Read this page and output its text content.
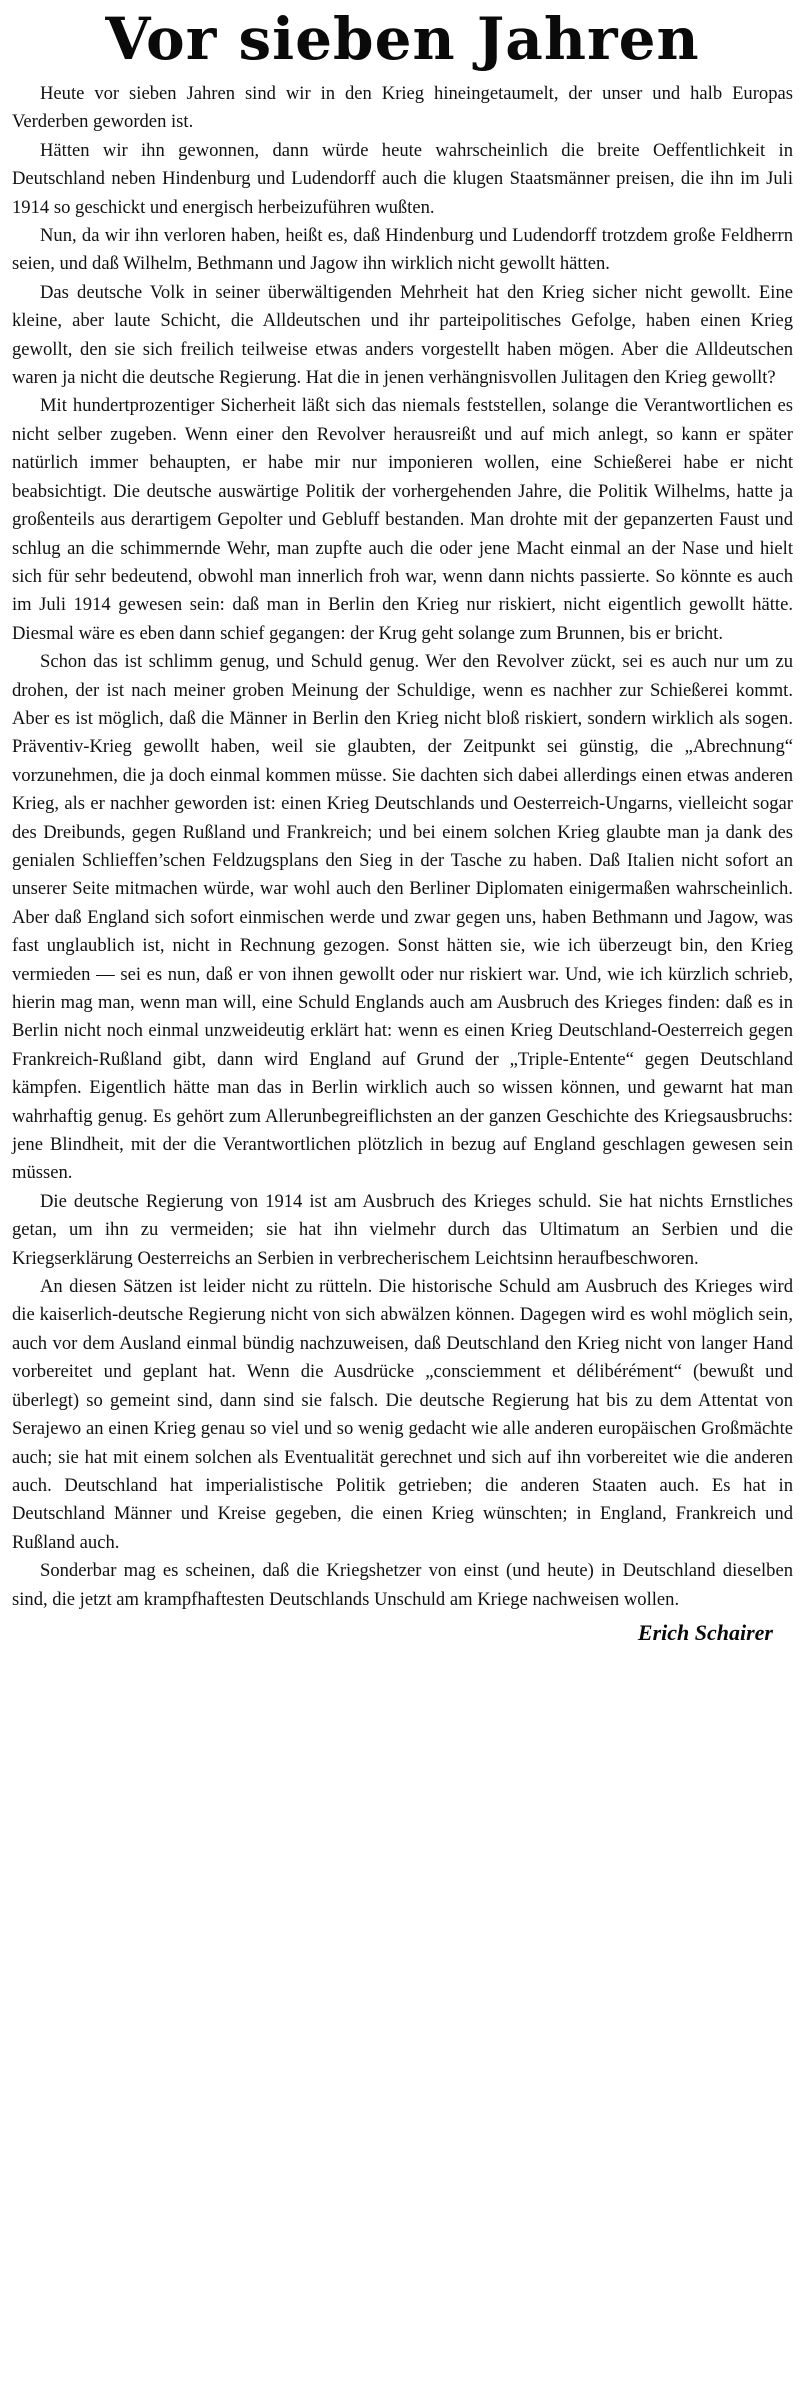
Vor sieben Jahren

Heute vor sieben Jahren sind wir in den Krieg hineingetaumelt, der unser und halb Europas Verderben geworden ist.

Hätten wir ihn gewonnen, dann würde heute wahrscheinlich die breite Oeffentlichkeit in Deutschland neben Hindenburg und Ludendorff auch die klugen Staatsmänner preisen, die ihn im Juli 1914 so geschickt und energisch herbeizuführen wußten.

Nun, da wir ihn verloren haben, heißt es, daß Hindenburg und Ludendorff trotzdem große Feldherrn seien, und daß Wilhelm, Bethmann und Jagow ihn wirklich nicht gewollt hätten.

Das deutsche Volk in seiner überwältigenden Mehrheit hat den Krieg sicher nicht gewollt. Eine kleine, aber laute Schicht, die Alldeutschen und ihr parteipolitisches Gefolge, haben einen Krieg gewollt, den sie sich freilich teilweise etwas anders vorgestellt haben mögen. Aber die Alldeutschen waren ja nicht die deutsche Regierung. Hat die in jenen verhängnisvollen Julitagen den Krieg gewollt?

Mit hundertprozentiger Sicherheit läßt sich das niemals feststellen, solange die Verantwortlichen es nicht selber zugeben. Wenn einer den Revolver herausreißt und auf mich anlegt, so kann er später natürlich immer behaupten, er habe mir nur imponieren wollen, eine Schießerei habe er nicht beabsichtigt. Die deutsche auswärtige Politik der vorhergehenden Jahre, die Politik Wilhelms, hatte ja großenteils aus derartigem Gepolter und Gebluff bestanden. Man drohte mit der gepanzerten Faust und schlug an die schimmernde Wehr, man zupfte auch die oder jene Macht einmal an der Nase und hielt sich für sehr bedeutend, obwohl man innerlich froh war, wenn dann nichts passierte. So könnte es auch im Juli 1914 gewesen sein: daß man in Berlin den Krieg nur riskiert, nicht eigentlich gewollt hätte. Diesmal wäre es eben dann schief gegangen: der Krug geht solange zum Brunnen, bis er bricht.

Schon das ist schlimm genug, und Schuld genug. Wer den Revolver zückt, sei es auch nur um zu drohen, der ist nach meiner groben Meinung der Schuldige, wenn es nachher zur Schießerei kommt. Aber es ist möglich, daß die Männer in Berlin den Krieg nicht bloß riskiert, sondern wirklich als sogen. Präventiv-Krieg gewollt haben, weil sie glaubten, der Zeitpunkt sei günstig, die „Abrechnung“ vorzunehmen, die ja doch einmal kommen müsse. Sie dachten sich dabei allerdings einen etwas anderen Krieg, als er nachher geworden ist: einen Krieg Deutschlands und Oesterreich-Ungarns, vielleicht sogar des Dreibunds, gegen Rußland und Frankreich; und bei einem solchen Krieg glaubte man ja dank des genialen Schlieffen’schen Feldzugsplans den Sieg in der Tasche zu haben. Daß Italien nicht sofort an unserer Seite mitmachen würde, war wohl auch den Berliner Diplomaten einigermaßen wahrscheinlich. Aber daß England sich sofort einmischen werde und zwar gegen uns, haben Bethmann und Jagow, was fast unglaublich ist, nicht in Rechnung gezogen. Sonst hätten sie, wie ich überzeugt bin, den Krieg vermieden — sei es nun, daß er von ihnen gewollt oder nur riskiert war. Und, wie ich kürzlich schrieb, hierin mag man, wenn man will, eine Schuld Englands auch am Ausbruch des Krieges finden: daß es in Berlin nicht noch einmal unzweideutig erklärt hat: wenn es einen Krieg Deutschland-Oesterreich gegen Frankreich-Rußland gibt, dann wird England auf Grund der „Triple-Entente“ gegen Deutschland kämpfen. Eigentlich hätte man das in Berlin wirklich auch so wissen können, und gewarnt hat man wahrhaftig genug. Es gehört zum Allerunbegreiflichsten an der ganzen Geschichte des Kriegsausbruchs: jene Blindheit, mit der die Verantwortlichen plötzlich in bezug auf England geschlagen gewesen sein müssen.

Die deutsche Regierung von 1914 ist am Ausbruch des Krieges schuld. Sie hat nichts Ernstliches getan, um ihn zu vermeiden; sie hat ihn vielmehr durch das Ultimatum an Serbien und die Kriegserklärung Oesterreichs an Serbien in verbrecherischem Leichtsinn heraufbeschworen.

An diesen Sätzen ist leider nicht zu rütteln. Die historische Schuld am Ausbruch des Krieges wird die kaiserlich-deutsche Regierung nicht von sich abwälzen können. Dagegen wird es wohl möglich sein, auch vor dem Ausland einmal bündig nachzuweisen, daß Deutschland den Krieg nicht von langer Hand vorbereitet und geplant hat. Wenn die Ausdrücke „consciemment et délibérément“ (bewußt und überlegt) so gemeint sind, dann sind sie falsch. Die deutsche Regierung hat bis zu dem Attentat von Serajewo an einen Krieg genau so viel und so wenig gedacht wie alle anderen europäischen Großmächte auch; sie hat mit einem solchen als Eventualität gerechnet und sich auf ihn vorbereitet wie die anderen auch. Deutschland hat imperialistische Politik getrieben; die anderen Staaten auch. Es hat in Deutschland Männer und Kreise gegeben, die einen Krieg wünschten; in England, Frankreich und Rußland auch.

Sonderbar mag es scheinen, daß die Kriegshetzer von einst (und heute) in Deutschland dieselben sind, die jetzt am krampfhaftesten Deutschlands Unschuld am Kriege nachweisen wollen.

Erich Schairer
